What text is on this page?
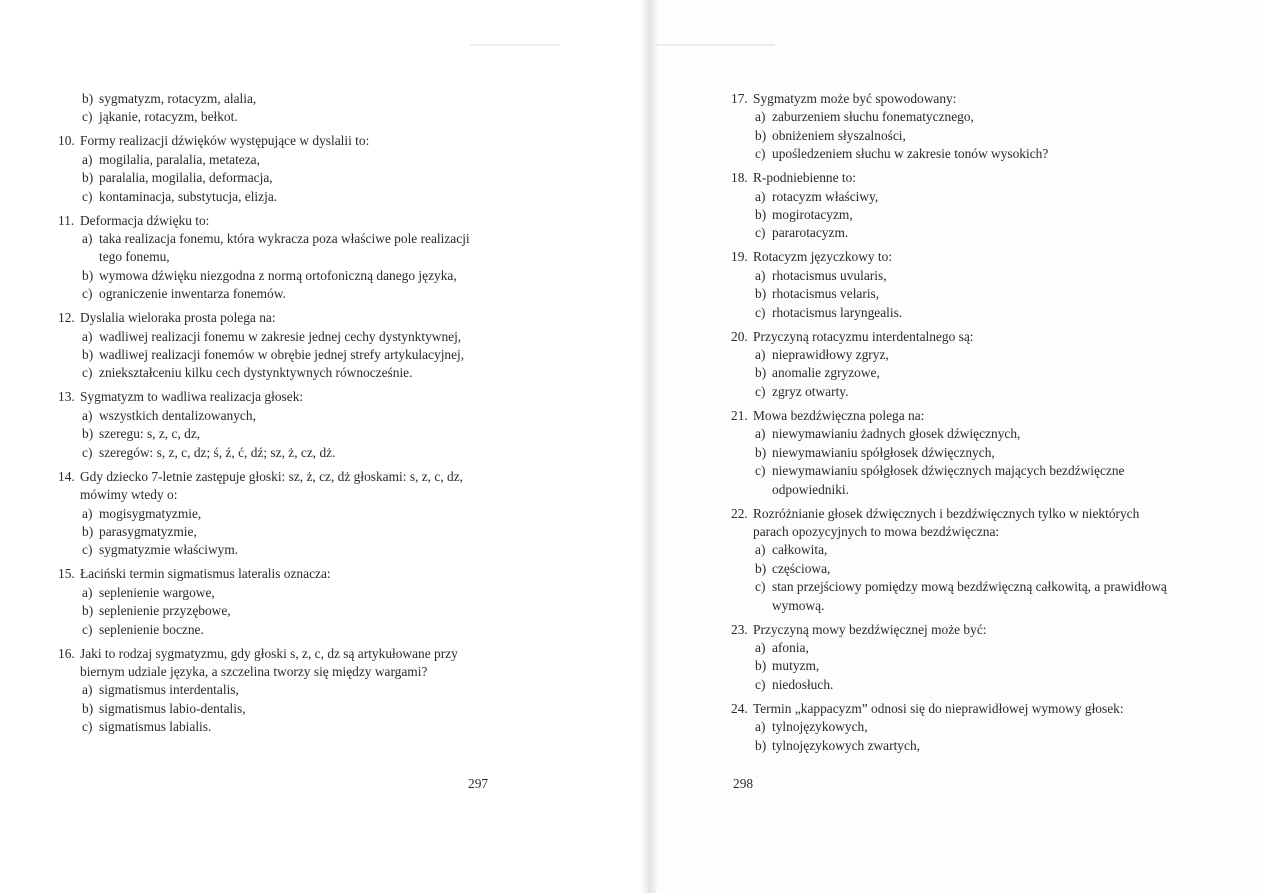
b) sygmatyzm, rotacyzm, alalia,
c) jąkanie, rotacyzm, bełkot.
10. Formy realizacji dźwięków występujące w dyslalii to:
a) mogilalia, paralalia, metateza,
b) paralalia, mogilalia, deformacja,
c) kontaminacja, substytucja, elizja.
11. Deformacja dźwięku to:
a) taka realizacja fonemu, która wykracza poza właściwe pole realizacji tego fonemu,
b) wymowa dźwięku niezgodna z normą ortofoniczną danego języka,
c) ograniczenie inwentarza fonemów.
12. Dyslalia wieloraka prosta polega na:
a) wadliwej realizacji fonemu w zakresie jednej cechy dystynktywnej,
b) wadliwej realizacji fonemów w obrębie jednej strefy artykulacyjnej,
c) zniekształceniu kilku cech dystynktywnych równocześnie.
13. Sygmatyzm to wadliwa realizacja głosek:
a) wszystkich dentalizowanych,
b) szeregu: s, z, c, dz,
c) szeregów: s, z, c, dz; ś, ź, ć, dź; sz, ż, cz, dż.
14. Gdy dziecko 7-letnie zastępuje głoski: sz, ż, cz, dż głoskami: s, z, c, dz, mówimy wtedy o:
a) mogisygmatyzmie,
b) parasygmatyzmie,
c) sygmatyzmie właściwym.
15. Łaciński termin sigmatismus lateralis oznacza:
a) seplenienie wargowe,
b) seplenienie przyzębowe,
c) seplenienie boczne.
16. Jaki to rodzaj sygmatyzmu, gdy głoski s, z, c, dz są artykułowane przy biernym udziale języka, a szczelina tworzy się między wargami?
a) sigmatismus interdentalis,
b) sigmatismus labio-dentalis,
c) sigmatismus labialis.
297
17. Sygmatyzm może być spowodowany:
a) zaburzeniem słuchu fonematycznego,
b) obniżeniem słyszalności,
c) upośledzeniem słuchu w zakresie tonów wysokich?
18. R-podniebienne to:
a) rotacyzm właściwy,
b) mogirotacyzm,
c) pararotacyzm.
19. Rotacyzm języczkowy to:
a) rhotacismus uvularis,
b) rhotacismus velaris,
c) rhotacismus laryngealis.
20. Przyczyną rotacyzmu interdentalnego są:
a) nieprawidłowy zgryz,
b) anomalie zgryzowe,
c) zgryz otwarty.
21. Mowa bezdźwięczna polega na:
a) niewymawianiu żadnych głosek dźwięcznych,
b) niewymawianiu spółgłosek dźwięcznych,
c) niewymawianiu spółgłosek dźwięcznych mających bezdźwięczne odpowiedniki.
22. Rozróżnianie głosek dźwięcznych i bezdźwięcznych tylko w niektórych parach opozycyjnych to mowa bezdźwięczna:
a) całkowita,
b) częściowa,
c) stan przejściowy pomiędzy mową bezdźwięczną całkowitą, a prawidłową wymową.
23. Przyczyną mowy bezdźwięcznej może być:
a) afonia,
b) mutyzm,
c) niedosłuch.
24. Termin „kappacyzm” odnosi się do nieprawidłowej wymowy głosek:
a) tylnojęzykowych,
b) tylnojęzykowych zwartych,
298
